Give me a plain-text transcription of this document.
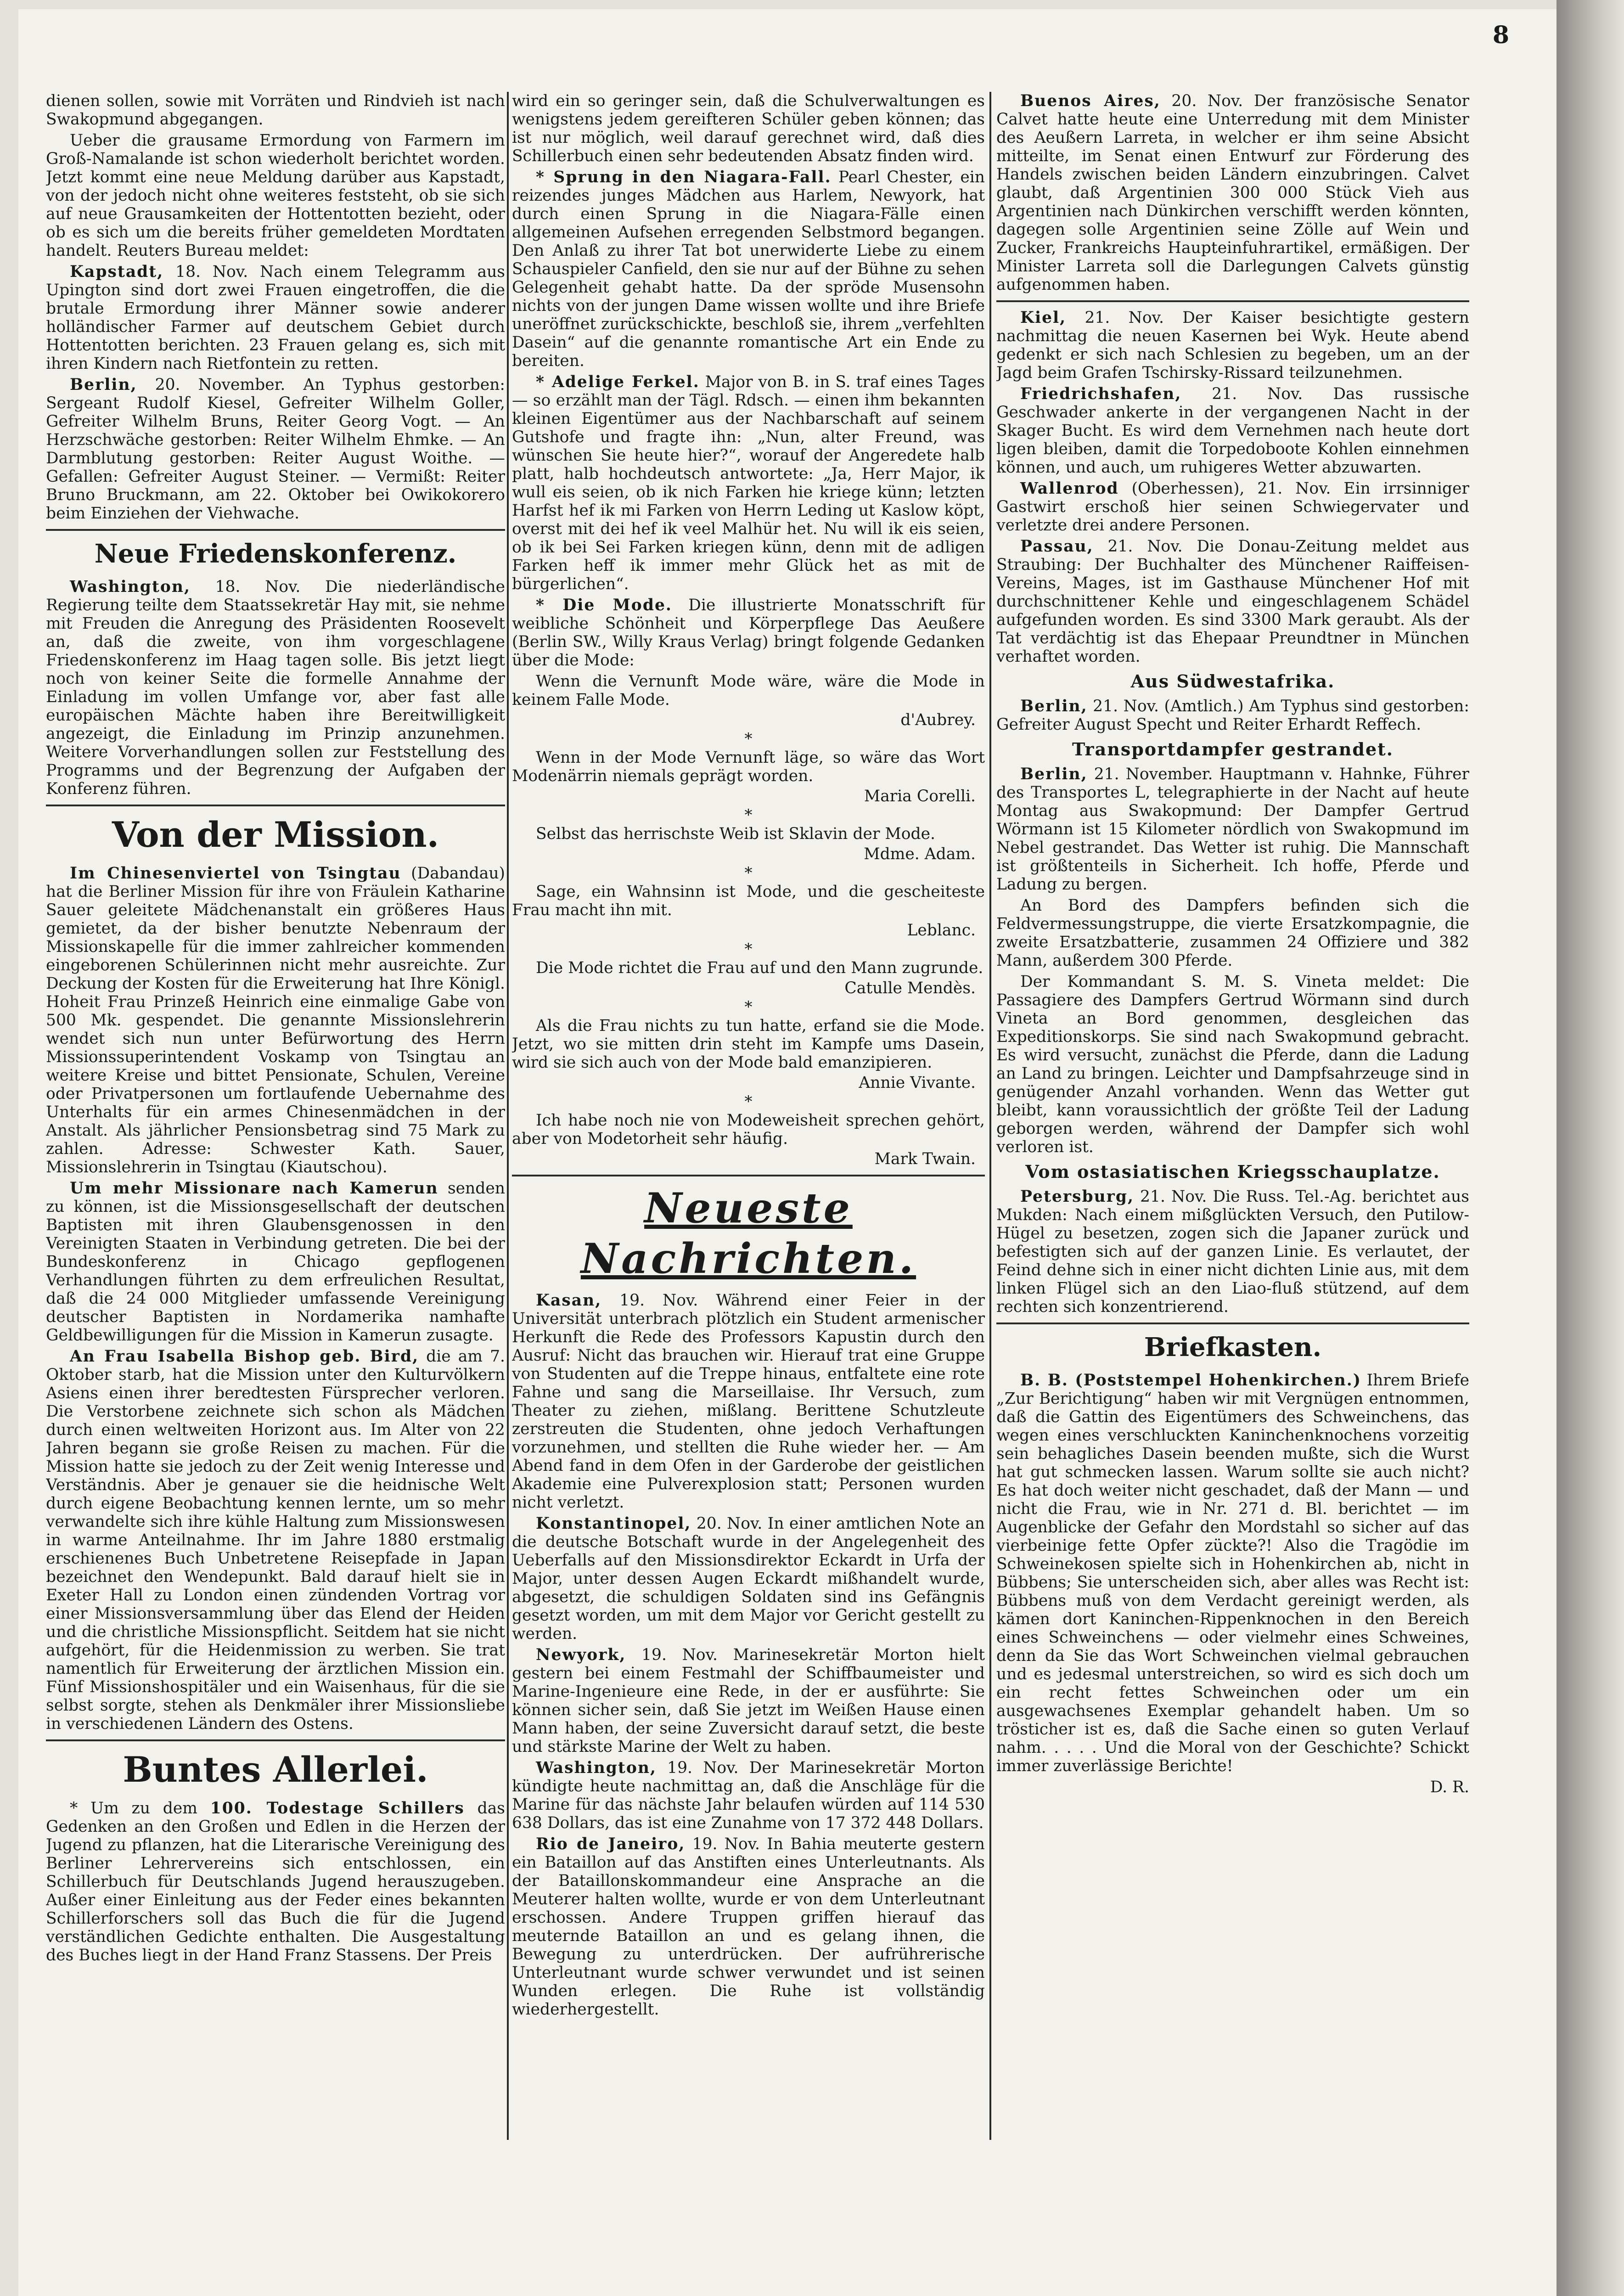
8

dienen sollen, sowie mit Vorräten und Rindvieh ist nach Swakopmund abgegangen.

Ueber die grausame Ermordung von Farmern im Groß-Namalande ist schon wiederholt berichtet worden. Jetzt kommt eine neue Meldung darüber aus Kapstadt, von der jedoch nicht ohne weiteres feststeht, ob sie sich auf neue Grausamkeiten der Hottentotten bezieht, oder ob es sich um die bereits früher gemeldeten Mordtaten handelt. Reuters Bureau meldet:

Kapstadt, 18. Nov. Nach einem Telegramm aus Upington sind dort zwei Frauen eingetroffen, die die brutale Ermordung ihrer Männer sowie anderer holländischer Farmer auf deutschem Gebiet durch Hottentotten berichten. 23 Frauen gelang es, sich mit ihren Kindern nach Rietfontein zu retten.

Berlin, 20. November. An Typhus gestorben: Sergeant Rudolf Kiesel, Gefreiter Wilhelm Goller, Gefreiter Wilhelm Bruns, Reiter Georg Vogt. — An Herzschwäche gestorben: Reiter Wilhelm Ehmke. — An Darmblutung gestorben: Reiter August Woithe. — Gefallen: Gefreiter August Steiner. — Vermißt: Reiter Bruno Bruckmann, am 22. Oktober bei Owikokorero beim Einziehen der Viehwache.

Neue Friedenskonferenz.

Washington, 18. Nov. Die niederländische Regierung teilte dem Staatssekretär Hay mit, sie nehme mit Freuden die Anregung des Präsidenten Roosevelt an, daß die zweite, von ihm vorgeschlagene Friedenskonferenz im Haag tagen solle. Bis jetzt liegt noch von keiner Seite die formelle Annahme der Einladung im vollen Umfange vor, aber fast alle europäischen Mächte haben ihre Bereitwilligkeit angezeigt, die Einladung im Prinzip anzunehmen. Weitere Vorverhandlungen sollen zur Feststellung des Programms und der Begrenzung der Aufgaben der Konferenz führen.

Von der Mission.

Im Chinesenviertel von Tsingtau (Dabandau) hat die Berliner Mission für ihre von Fräulein Katharine Sauer geleitete Mädchenanstalt ein größeres Haus gemietet, da der bisher benutzte Nebenraum der Missionskapelle für die immer zahlreicher kommenden eingeborenen Schülerinnen nicht mehr ausreichte. Zur Deckung der Kosten für die Erweiterung hat Ihre Königl. Hoheit Frau Prinzeß Heinrich eine einmalige Gabe von 500 Mk. gespendet. Die genannte Missionslehrerin wendet sich nun unter Befürwortung des Herrn Missionssuperintendent Voskamp von Tsingtau an weitere Kreise und bittet Pensionate, Schulen, Vereine oder Privatpersonen um fortlaufende Uebernahme des Unterhalts für ein armes Chinesenmädchen in der Anstalt. Als jährlicher Pensionsbetrag sind 75 Mark zu zahlen. Adresse: Schwester Kath. Sauer, Missionslehrerin in Tsingtau (Kiautschou).

Um mehr Missionare nach Kamerun senden zu können, ist die Missionsgesellschaft der deutschen Baptisten mit ihren Glaubensgenossen in den Vereinigten Staaten in Verbindung getreten. Die bei der Bundeskonferenz in Chicago gepflogenen Verhandlungen führten zu dem erfreulichen Resultat, daß die 24 000 Mitglieder umfassende Vereinigung deutscher Baptisten in Nordamerika namhafte Geldbewilligungen für die Mission in Kamerun zusagte.

An Frau Isabella Bishop geb. Bird, die am 7. Oktober starb, hat die Mission unter den Kulturvölkern Asiens einen ihrer beredtesten Fürsprecher verloren. Die Verstorbene zeichnete sich schon als Mädchen durch einen weltweiten Horizont aus. Im Alter von 22 Jahren begann sie große Reisen zu machen. Für die Mission hatte sie jedoch zu der Zeit wenig Interesse und Verständnis. Aber je genauer sie die heidnische Welt durch eigene Beobachtung kennen lernte, um so mehr verwandelte sich ihre kühle Haltung zum Missionswesen in warme Anteilnahme. Ihr im Jahre 1880 erstmalig erschienenes Buch Unbetretene Reisepfade in Japan bezeichnet den Wendepunkt. Bald darauf hielt sie in Exeter Hall zu London einen zündenden Vortrag vor einer Missionsversammlung über das Elend der Heiden und die christliche Missionspflicht. Seitdem hat sie nicht aufgehört, für die Heidenmission zu werben. Sie trat namentlich für Erweiterung der ärztlichen Mission ein. Fünf Missionshospitäler und ein Waisenhaus, für die sie selbst sorgte, stehen als Denkmäler ihrer Missionsliebe in verschiedenen Ländern des Ostens.

Buntes Allerlei.

* Um zu dem 100. Todestage Schillers das Gedenken an den Großen und Edlen in die Herzen der Jugend zu pflanzen, hat die Literarische Vereinigung des Berliner Lehrervereins sich entschlossen, ein Schillerbuch für Deutschlands Jugend herauszugeben. Außer einer Einleitung aus der Feder eines bekannten Schillerforschers soll das Buch die für die Jugend verständlichen Gedichte enthalten. Die Ausgestaltung des Buches liegt in der Hand Franz Stassens. Der Preis

wird ein so geringer sein, daß die Schulverwaltungen es wenigstens jedem gereifteren Schüler geben können; das ist nur möglich, weil darauf gerechnet wird, daß dies Schillerbuch einen sehr bedeutenden Absatz finden wird.

* Sprung in den Niagara-Fall. Pearl Chester, ein reizendes junges Mädchen aus Harlem, Newyork, hat durch einen Sprung in die Niagara-Fälle einen allgemeinen Aufsehen erregenden Selbstmord begangen. Den Anlaß zu ihrer Tat bot unerwiderte Liebe zu einem Schauspieler Canfield, den sie nur auf der Bühne zu sehen Gelegenheit gehabt hatte. Da der spröde Musensohn nichts von der jungen Dame wissen wollte und ihre Briefe uneröffnet zurückschickte, beschloß sie, ihrem „verfehlten Dasein“ auf die genannte romantische Art ein Ende zu bereiten.

* Adelige Ferkel. Major von B. in S. traf eines Tages — so erzählt man der Tägl. Rdsch. — einen ihm bekannten kleinen Eigentümer aus der Nachbarschaft auf seinem Gutshofe und fragte ihn: „Nun, alter Freund, was wünschen Sie heute hier?“, worauf der Angeredete halb platt, halb hochdeutsch antwortete: „Ja, Herr Major, ik wull eis seien, ob ik nich Farken hie kriege künn; letzten Harfst hef ik mi Farken von Herrn Leding ut Kaslow köpt, overst mit dei hef ik veel Malhür het. Nu will ik eis seien, ob ik bei Sei Farken kriegen künn, denn mit de adligen Farken heff ik immer mehr Glück het as mit de bürgerlichen“.

* Die Mode. Die illustrierte Monatsschrift für weibliche Schönheit und Körperpflege Das Aeußere (Berlin SW., Willy Kraus Verlag) bringt folgende Gedanken über die Mode:

Wenn die Vernunft Mode wäre, wäre die Mode in keinem Falle Mode.

d'Aubrey.
*

Wenn in der Mode Vernunft läge, so wäre das Wort Modenärrin niemals geprägt worden.

Maria Corelli.
*

Selbst das herrischste Weib ist Sklavin der Mode.

Mdme. Adam.
*

Sage, ein Wahnsinn ist Mode, und die gescheiteste Frau macht ihn mit.

Leblanc.
*

Die Mode richtet die Frau auf und den Mann zugrunde.

Catulle Mendès.
*

Als die Frau nichts zu tun hatte, erfand sie die Mode. Jetzt, wo sie mitten drin steht im Kampfe ums Dasein, wird sie sich auch von der Mode bald emanzipieren.

Annie Vivante.
*

Ich habe noch nie von Modeweisheit sprechen gehört, aber von Modetorheit sehr häufig.

Mark Twain.
Neueste Nachrichten.

Kasan, 19. Nov. Während einer Feier in der Universität unterbrach plötzlich ein Student armenischer Herkunft die Rede des Professors Kapustin durch den Ausruf: Nicht das brauchen wir. Hierauf trat eine Gruppe von Studenten auf die Treppe hinaus, entfaltete eine rote Fahne und sang die Marseillaise. Ihr Versuch, zum Theater zu ziehen, mißlang. Berittene Schutzleute zerstreuten die Studenten, ohne jedoch Verhaftungen vorzunehmen, und stellten die Ruhe wieder her. — Am Abend fand in dem Ofen in der Garderobe der geistlichen Akademie eine Pulverexplosion statt; Personen wurden nicht verletzt.

Konstantinopel, 20. Nov. In einer amtlichen Note an die deutsche Botschaft wurde in der Angelegenheit des Ueberfalls auf den Missionsdirektor Eckardt in Urfa der Major, unter dessen Augen Eckardt mißhandelt wurde, abgesetzt, die schuldigen Soldaten sind ins Gefängnis gesetzt worden, um mit dem Major vor Gericht gestellt zu werden.

Newyork, 19. Nov. Marinesekretär Morton hielt gestern bei einem Festmahl der Schiffbaumeister und Marine-Ingenieure eine Rede, in der er ausführte: Sie können sicher sein, daß Sie jetzt im Weißen Hause einen Mann haben, der seine Zuversicht darauf setzt, die beste und stärkste Marine der Welt zu haben.

Washington, 19. Nov. Der Marinesekretär Morton kündigte heute nachmittag an, daß die Anschläge für die Marine für das nächste Jahr belaufen würden auf 114 530 638 Dollars, das ist eine Zunahme von 17 372 448 Dollars.

Rio de Janeiro, 19. Nov. In Bahia meuterte gestern ein Bataillon auf das Anstiften eines Unterleutnants. Als der Bataillonskommandeur eine Ansprache an die Meuterer halten wollte, wurde er von dem Unterleutnant erschossen. Andere Truppen griffen hierauf das meuternde Bataillon an und es gelang ihnen, die Bewegung zu unterdrücken. Der aufrührerische Unterleutnant wurde schwer verwundet und ist seinen Wunden erlegen. Die Ruhe ist vollständig wiederhergestellt.

Buenos Aires, 20. Nov. Der französische Senator Calvet hatte heute eine Unterredung mit dem Minister des Aeußern Larreta, in welcher er ihm seine Absicht mitteilte, im Senat einen Entwurf zur Förderung des Handels zwischen beiden Ländern einzubringen. Calvet glaubt, daß Argentinien 300 000 Stück Vieh aus Argentinien nach Dünkirchen verschifft werden könnten, dagegen solle Argentinien seine Zölle auf Wein und Zucker, Frankreichs Haupteinfuhrartikel, ermäßigen. Der Minister Larreta soll die Darlegungen Calvets günstig aufgenommen haben.

Kiel, 21. Nov. Der Kaiser besichtigte gestern nachmittag die neuen Kasernen bei Wyk. Heute abend gedenkt er sich nach Schlesien zu begeben, um an der Jagd beim Grafen Tschirsky-Rissard teilzunehmen.

Friedrichshafen, 21. Nov. Das russische Geschwader ankerte in der vergangenen Nacht in der Skager Bucht. Es wird dem Vernehmen nach heute dort ligen bleiben, damit die Torpedoboote Kohlen einnehmen können, und auch, um ruhigeres Wetter abzuwarten.

Wallenrod (Oberhessen), 21. Nov. Ein irrsinniger Gastwirt erschoß hier seinen Schwiegervater und verletzte drei andere Personen.

Passau, 21. Nov. Die Donau-Zeitung meldet aus Straubing: Der Buchhalter des Münchener Raiffeisen-Vereins, Mages, ist im Gasthause Münchener Hof mit durchschnittener Kehle und eingeschlagenem Schädel aufgefunden worden. Es sind 3300 Mark geraubt. Als der Tat verdächtig ist das Ehepaar Preundtner in München verhaftet worden.

Aus Südwestafrika.

Berlin, 21. Nov. (Amtlich.) Am Typhus sind gestorben: Gefreiter August Specht und Reiter Erhardt Reffech.

Transportdampfer gestrandet.

Berlin, 21. November. Hauptmann v. Hahnke, Führer des Transportes L, telegraphierte in der Nacht auf heute Montag aus Swakopmund: Der Dampfer Gertrud Wörmann ist 15 Kilometer nördlich von Swakopmund im Nebel gestrandet. Das Wetter ist ruhig. Die Mannschaft ist größtenteils in Sicherheit. Ich hoffe, Pferde und Ladung zu bergen.

An Bord des Dampfers befinden sich die Feldvermessungstruppe, die vierte Ersatzkompagnie, die zweite Ersatzbatterie, zusammen 24 Offiziere und 382 Mann, außerdem 300 Pferde.

Der Kommandant S. M. S. Vineta meldet: Die Passagiere des Dampfers Gertrud Wörmann sind durch Vineta an Bord genommen, desgleichen das Expeditionskorps. Sie sind nach Swakopmund gebracht. Es wird versucht, zunächst die Pferde, dann die Ladung an Land zu bringen. Leichter und Dampfsahrzeuge sind in genügender Anzahl vorhanden. Wenn das Wetter gut bleibt, kann voraussichtlich der größte Teil der Ladung geborgen werden, während der Dampfer sich wohl verloren ist.

Vom ostasiatischen Kriegsschauplatze.

Petersburg, 21. Nov. Die Russ. Tel.-Ag. berichtet aus Mukden: Nach einem mißglückten Versuch, den Putilow-Hügel zu besetzen, zogen sich die Japaner zurück und befestigten sich auf der ganzen Linie. Es verlautet, der Feind dehne sich in einer nicht dichten Linie aus, mit dem linken Flügel sich an den Liao-fluß stützend, auf dem rechten sich konzentrierend.

Briefkasten.

B. B. (Poststempel Hohenkirchen.) Ihrem Briefe „Zur Berichtigung“ haben wir mit Vergnügen entnommen, daß die Gattin des Eigentümers des Schweinchens, das wegen eines verschluckten Kaninchenknochens vorzeitig sein behagliches Dasein beenden mußte, sich die Wurst hat gut schmecken lassen. Warum sollte sie auch nicht? Es hat doch weiter nicht geschadet, daß der Mann — und nicht die Frau, wie in Nr. 271 d. Bl. berichtet — im Augenblicke der Gefahr den Mordstahl so sicher auf das vierbeinige fette Opfer zückte?! Also die Tragödie im Schweinekosen spielte sich in Hohenkirchen ab, nicht in Bübbens; Sie unterscheiden sich, aber alles was Recht ist: Bübbens muß von dem Verdacht gereinigt werden, als kämen dort Kaninchen-Rippenknochen in den Bereich eines Schweinchens — oder vielmehr eines Schweines, denn da Sie das Wort Schweinchen vielmal gebrauchen und es jedesmal unterstreichen, so wird es sich doch um ein recht fettes Schweinchen oder um ein ausgewachsenes Exemplar gehandelt haben. Um so trösticher ist es, daß die Sache einen so guten Verlauf nahm. . . . . Und die Moral von der Geschichte? Schickt immer zuverlässige Berichte!

D. R.
